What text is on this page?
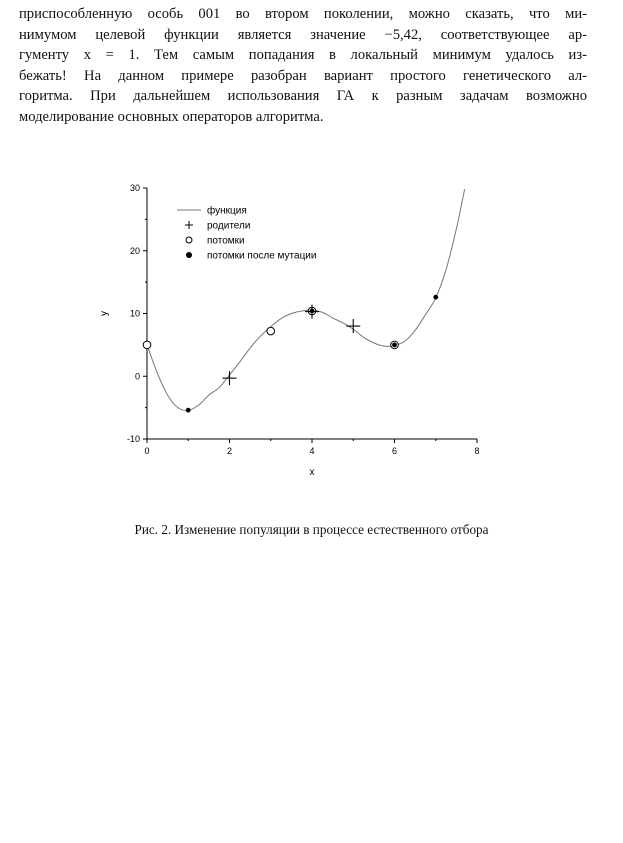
приспособленную особь 001 во втором поколении, можно сказать, что ми-
нимумом целевой функции является значение −5,42, соответствующее ар-
гументу x = 1. Тем самым попадания в локальный минимум удалось из-
бежать! На данном примере разобран вариант простого генетического ал-
горитма. При дальнейшем использования ГА к разным задачам возможно
моделирование основных операторов алгоритма.
0	2	4	6	8
-10
0
10
20
30
x
y
функция
родители
потомки
потомки после мутации
Рис. 2. Изменение популяции в процессе естественного отбора
